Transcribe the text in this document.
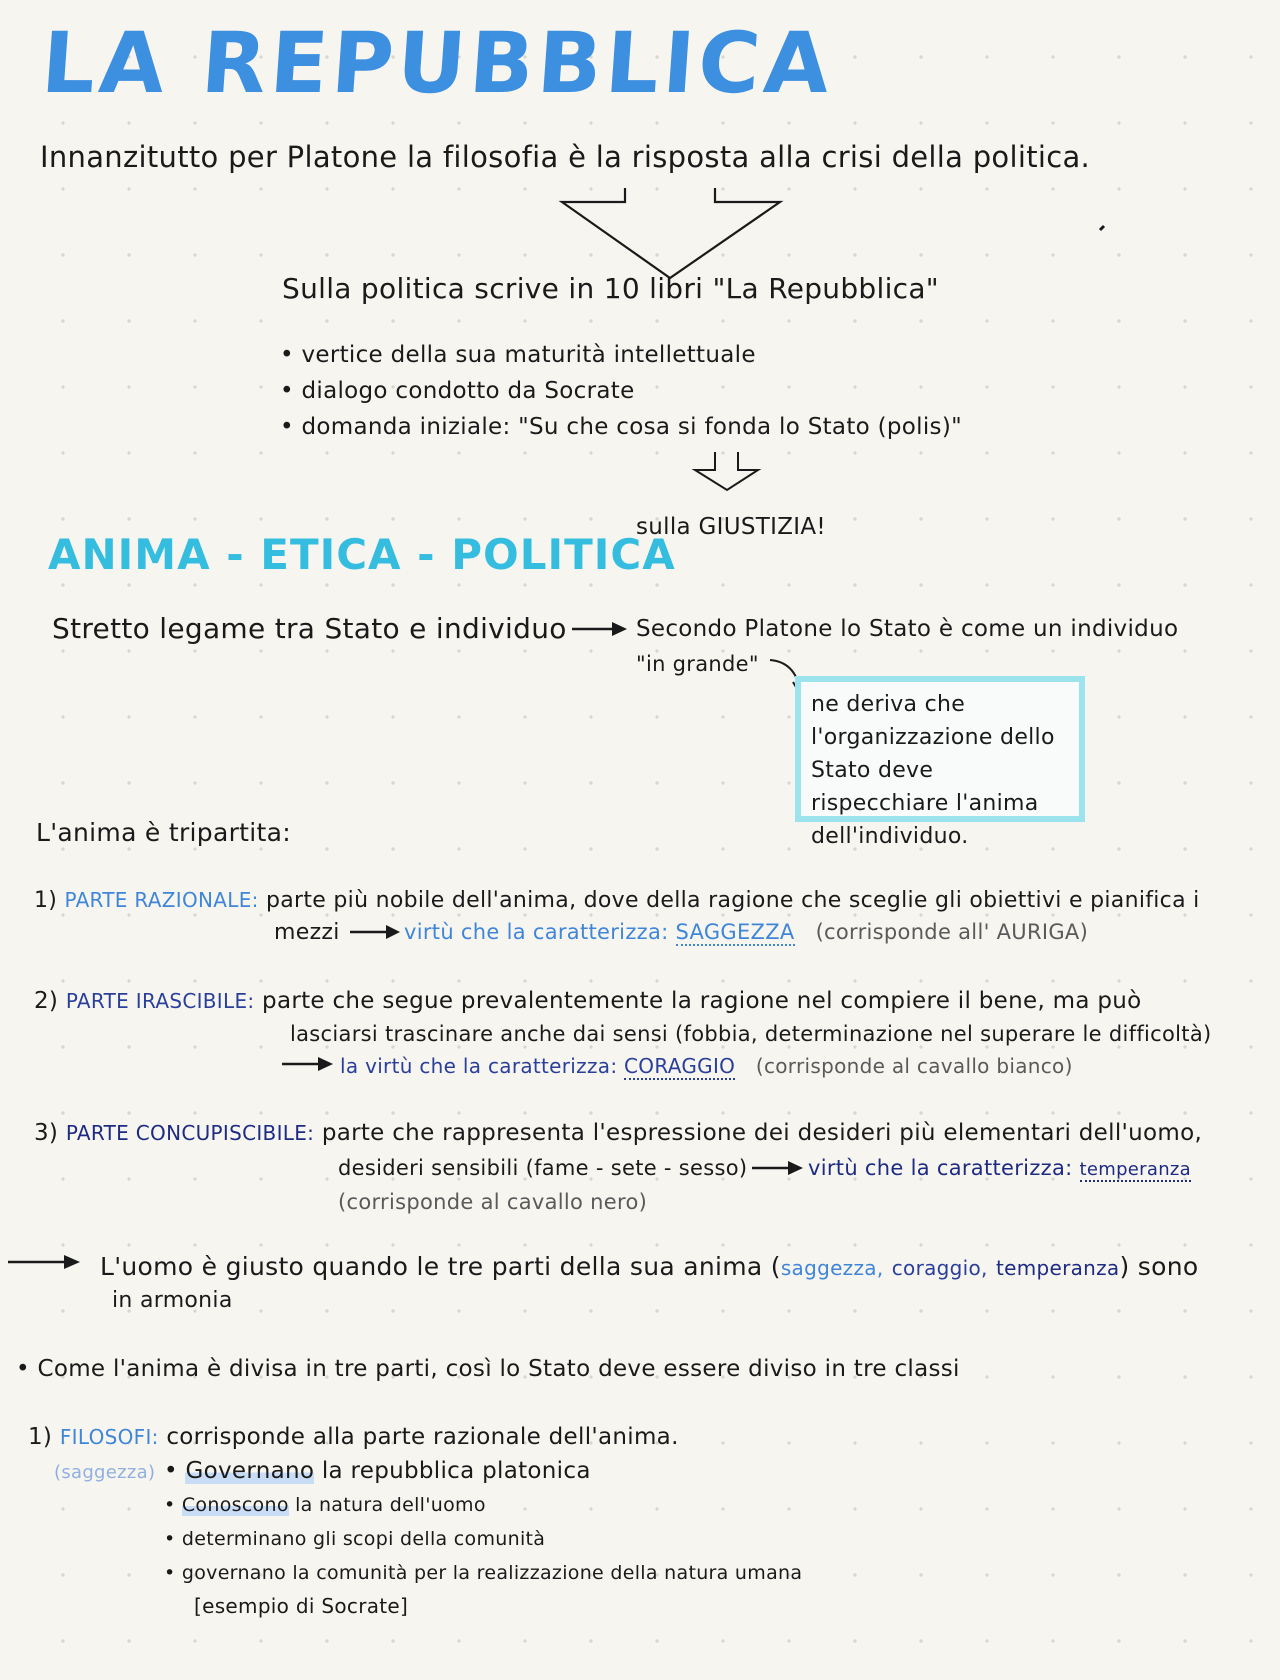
LA REPUBBLICA
Innanzitutto per Platone la filosofia è la risposta alla crisi della politica.
Sulla politica scrive in 10 libri "La Repubblica"
• vertice della sua maturità intellettuale
• dialogo condotto da Socrate
• domanda iniziale: "Su che cosa si fonda lo Stato (polis)"
sulla GIUSTIZIA!
ANIMA - ETICA - POLITICA
Stretto legame tra Stato e individuo	Secondo Platone lo Stato è come un individuo
"in grande"
ne deriva che l'organizzazione dello Stato deve rispecchiare l'anima dell'individuo.
L'anima è tripartita:
1) PARTE RAZIONALE: parte più nobile dell'anima, dove della ragione che sceglie gli obiettivi e pianifica i
mezzi	virtù che la caratterizza: SAGGEZZA (corrisponde all' AURIGA)
2) PARTE IRASCIBILE: parte che segue prevalentemente la ragione nel compiere il bene, ma può
lasciarsi trascinare anche dai sensi (fobbia, determinazione nel superare le difficoltà)
la virtù che la caratterizza: CORAGGIO (corrisponde al cavallo bianco)
3) PARTE CONCUPISCIBILE: parte che rappresenta l'espressione dei desideri più elementari dell'uomo,
desideri sensibili (fame - sete - sesso)	virtù che la caratterizza: temperanza
(corrisponde al cavallo nero)
L'uomo è giusto quando le tre parti della sua anima (saggezza, coraggio, temperanza) sono
in armonia
• Come l'anima è divisa in tre parti, così lo Stato deve essere diviso in tre classi
1) FILOSOFI: corrisponde alla parte razionale dell'anima.
(saggezza) • Governano la repubblica platonica
• Conoscono la natura dell'uomo
• determinano gli scopi della comunità
• governano la comunità per la realizzazione della natura umana
[esempio di Socrate]
